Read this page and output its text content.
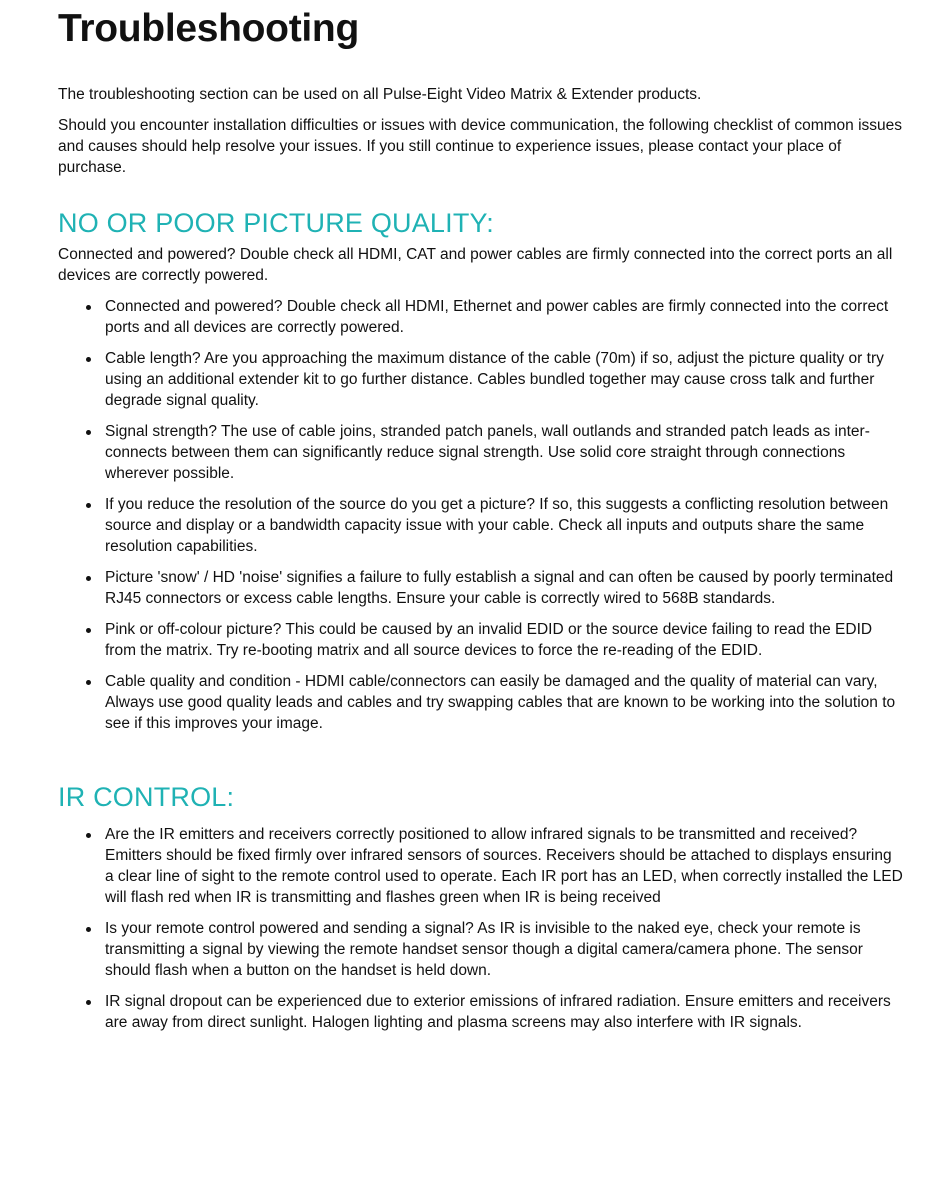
Troubleshooting

The troubleshooting section can be used on all Pulse-Eight Video Matrix & Extender products.

Should you encounter installation difficulties or issues with device communication, the following checklist of common issues and causes should help resolve your issues. If you still continue to experience issues, please contact your place of purchase.

NO OR POOR PICTURE QUALITY:

Connected and powered? Double check all HDMI, CAT and power cables are firmly connected into the correct ports an all devices are correctly powered.

Connected and powered? Double check all HDMI, Ethernet and power cables are firmly connected into the correct ports and all devices are correctly powered.
Cable length? Are you approaching the maximum distance of the cable (70m) if so, adjust the picture quality or try using an additional extender kit to go further distance. Cables bundled together may cause cross talk and further degrade signal quality.
Signal strength? The use of cable joins, stranded patch panels, wall outlands and stranded patch leads as interconnects between them can significantly reduce signal strength. Use solid core straight through connections wherever possible.
If you reduce the resolution of the source do you get a picture? If so, this suggests a conflicting resolution between source and display or a bandwidth capacity issue with your cable. Check all inputs and outputs share the same resolution capabilities.
Picture 'snow' / HD 'noise' signifies a failure to fully establish a signal and can often be caused by poorly terminated RJ45 connectors or excess cable lengths. Ensure your cable is correctly wired to 568B standards.
Pink or off-colour picture? This could be caused by an invalid EDID or the source device failing to read the EDID from the matrix. Try re-booting matrix and all source devices to force the re-reading of the EDID.
Cable quality and condition - HDMI cable/connectors can easily be damaged and the quality of material can vary, Always use good quality leads and cables and try swapping cables that are known to be working into the solution to see if this improves your image.
IR CONTROL:
Are the IR emitters and receivers correctly positioned to allow infrared signals to be transmitted and received? Emitters should be fixed firmly over infrared sensors of sources. Receivers should be attached to displays ensuring a clear line of sight to the remote control used to operate. Each IR port has an LED, when correctly installed the LED will flash red when IR is transmitting and flashes green when IR is being received
Is your remote control powered and sending a signal? As IR is invisible to the naked eye, check your remote is transmitting a signal by viewing the remote handset sensor though a digital camera/camera phone. The sensor should flash when a button on the handset is held down.
IR signal dropout can be experienced due to exterior emissions of infrared radiation. Ensure emitters and receivers are away from direct sunlight. Halogen lighting and plasma screens may also interfere with IR signals.
